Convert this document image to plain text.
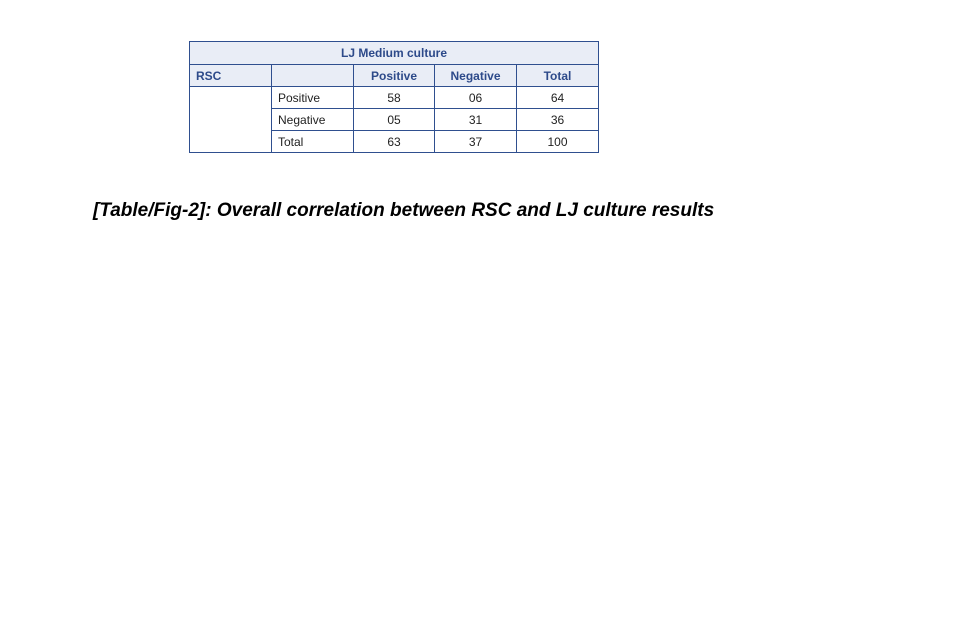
LJ Medium culture				
RSC		Positive	Negative	Total
	Positive	58	06	64
	Negative	05	31	36
	Total	63	37	100
[Table/Fig-2]: Overall correlation between RSC and LJ culture results
